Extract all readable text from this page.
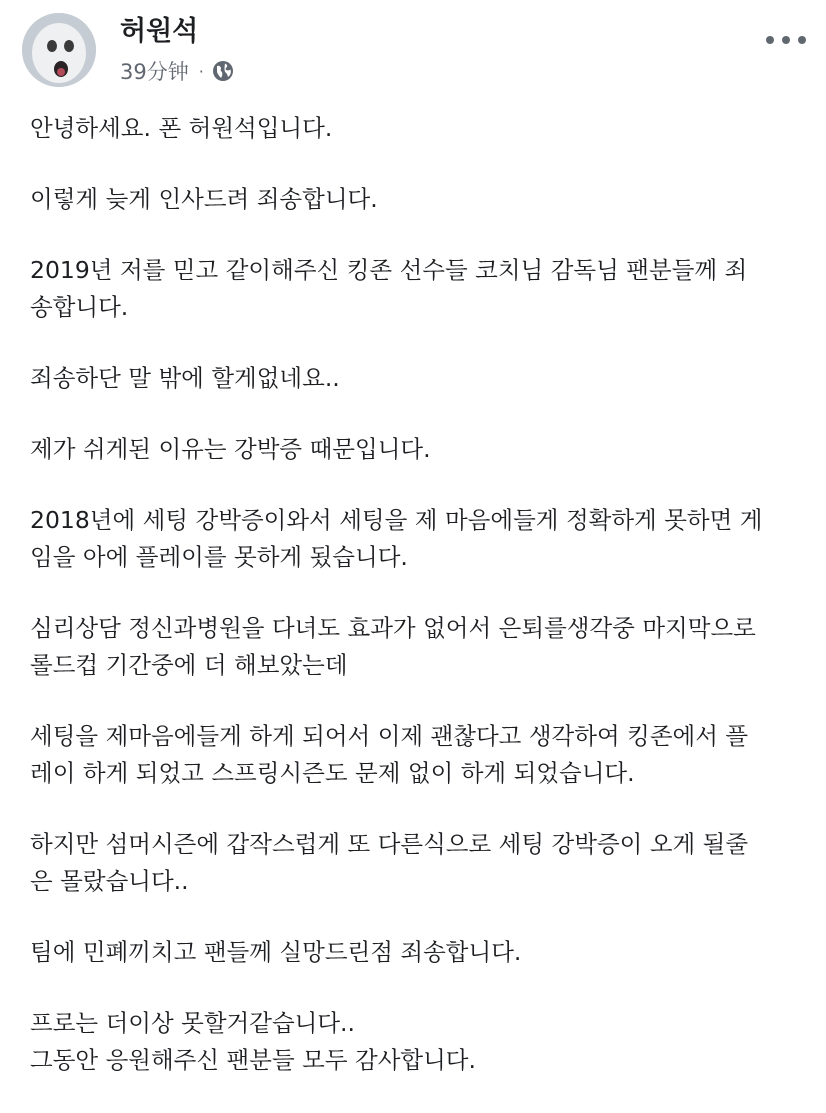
허원석
39分钟 ·

안녕하세요. 폰 허원석입니다.

이렇게 늦게 인사드려 죄송합니다.

2019년 저를 믿고 같이해주신 킹존 선수들 코치님 감독님 팬분들께 죄
송합니다.

죄송하단 말 밖에 할게없네요..

제가 쉬게된 이유는 강박증 때문입니다.

2018년에 세팅 강박증이와서 세팅을 제 마음에들게 정확하게 못하면 게
임을 아에 플레이를 못하게 됬습니다.

심리상담 정신과병원을 다녀도 효과가 없어서 은퇴를생각중 마지막으로
롤드컵 기간중에 더 해보았는데

세팅을 제마음에들게 하게 되어서 이제 괜찮다고 생각하여 킹존에서 플
레이 하게 되었고 스프링시즌도 문제 없이 하게 되었습니다.

하지만 섬머시즌에 갑작스럽게 또 다른식으로 세팅 강박증이 오게 될줄
은 몰랐습니다..

팀에 민폐끼치고 팬들께 실망드린점 죄송합니다.

프로는 더이상 못할거같습니다..
그동안 응원해주신 팬분들 모두 감사합니다.
